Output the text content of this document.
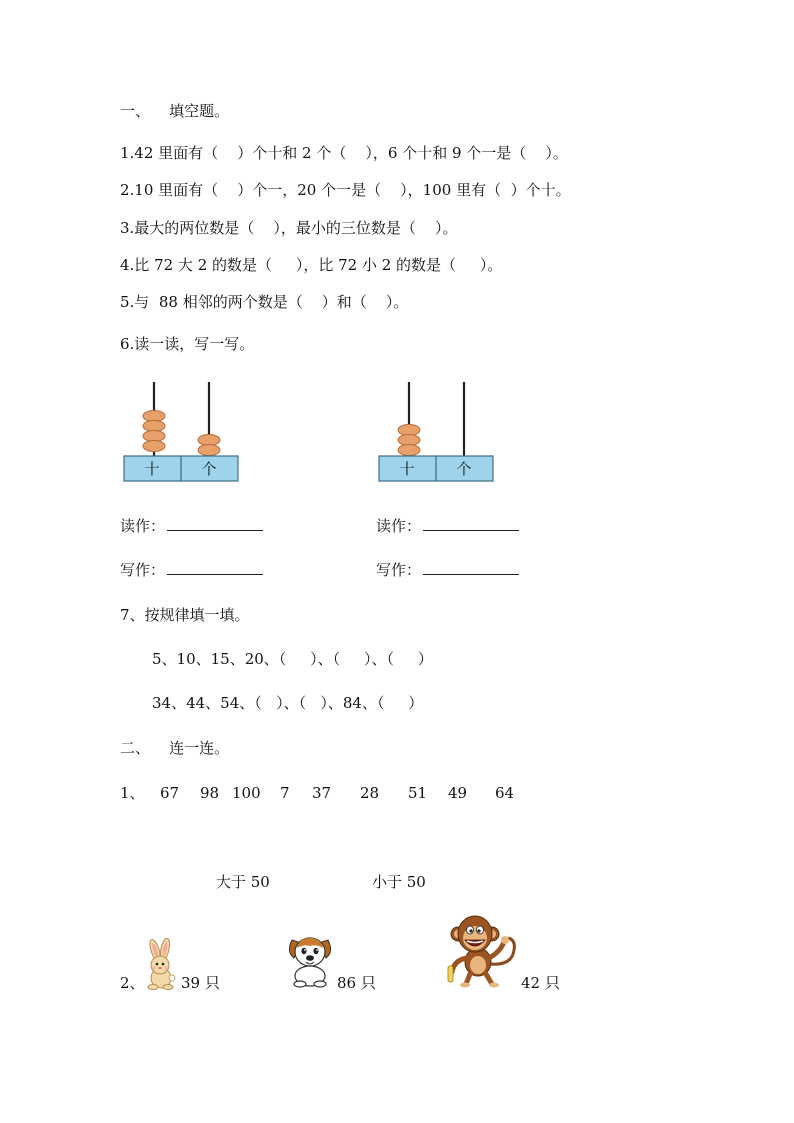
一、    填空题。
1.42 里面有（    ）个十和 2 个（    ），6 个十和 9 个一是（    ）。
2.10 里面有（    ）个一，20 个一是（    ），100 里有（  ）个十。
3.最大的两位数是（    ），最小的三位数是（    ）。
4.比 72 大 2 的数是（     ），比 72 小 2 的数是（     ）。
5.与  88 相邻的两个数是（    ）和（    ）。
6.读一读，写一写。
十	个	十	个
读作：	读作：
写作：	写作：
7、按规律填一填。
5、10、15、20、（     ）、（     ）、（     ）
34、44、54、（   ）、（   ）、84、（     ）
二、    连一连。
1、 67 98 100 7 37 28 51 49 64
大于 50	小于 50
2、 39 只	86 只	42 只
